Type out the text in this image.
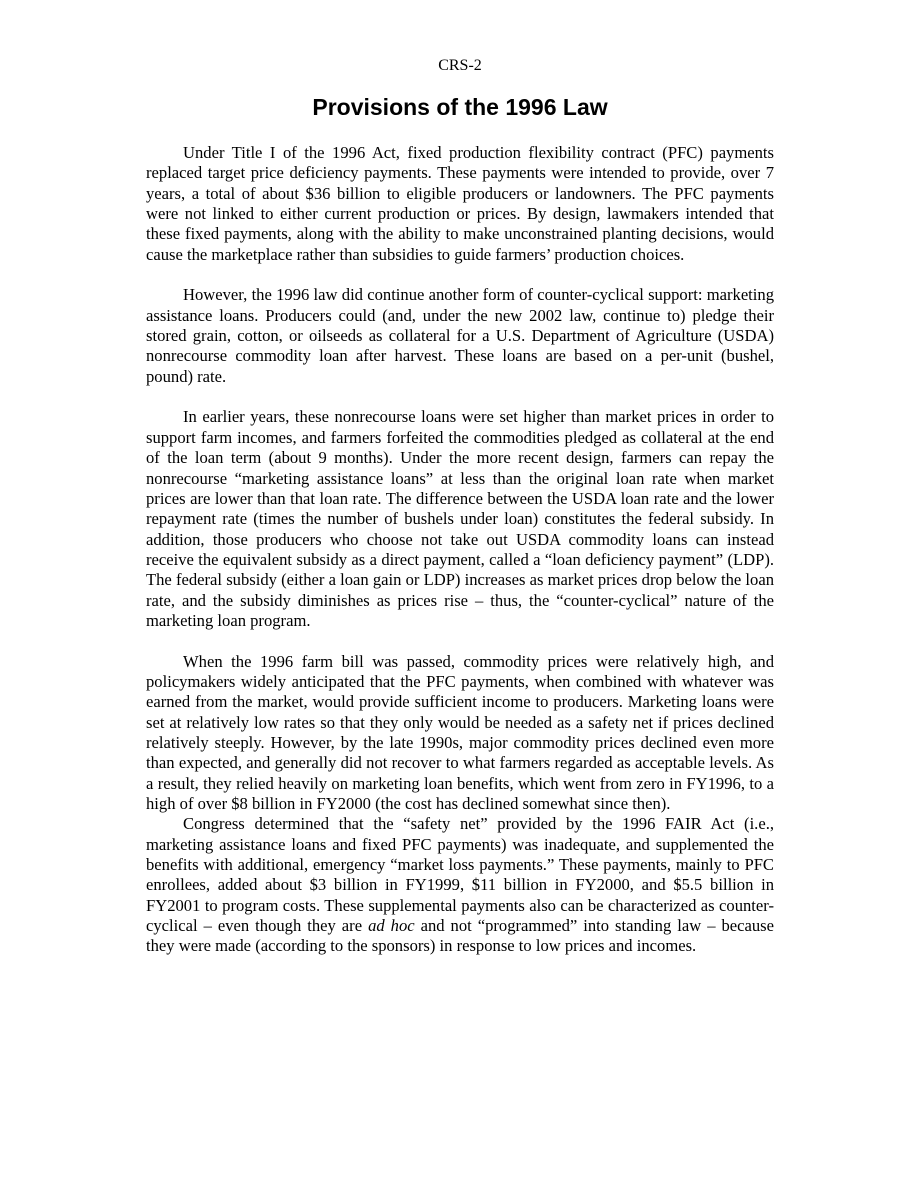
CRS-2
Provisions of the 1996 Law

Under Title I of the 1996 Act, fixed production flexibility contract (PFC) payments replaced target price deficiency payments. These payments were intended to provide, over 7 years, a total of about $36 billion to eligible producers or landowners. The PFC payments were not linked to either current production or prices. By design, lawmakers intended that these fixed payments, along with the ability to make unconstrained planting decisions, would cause the marketplace rather than subsidies to guide farmers’ production choices.

However, the 1996 law did continue another form of counter-cyclical support: marketing assistance loans. Producers could (and, under the new 2002 law, continue to) pledge their stored grain, cotton, or oilseeds as collateral for a U.S. Department of Agriculture (USDA) nonrecourse commodity loan after harvest. These loans are based on a per-unit (bushel, pound) rate.

In earlier years, these nonrecourse loans were set higher than market prices in order to support farm incomes, and farmers forfeited the commodities pledged as collateral at the end of the loan term (about 9 months). Under the more recent design, farmers can repay the nonrecourse “marketing assistance loans” at less than the original loan rate when market prices are lower than that loan rate. The difference between the USDA loan rate and the lower repayment rate (times the number of bushels under loan) constitutes the federal subsidy. In addition, those producers who choose not take out USDA commodity loans can instead receive the equivalent subsidy as a direct payment, called a “loan deficiency payment” (LDP). The federal subsidy (either a loan gain or LDP) increases as market prices drop below the loan rate, and the subsidy diminishes as prices rise – thus, the “counter-cyclical” nature of the marketing loan program.

When the 1996 farm bill was passed, commodity prices were relatively high, and policymakers widely anticipated that the PFC payments, when combined with whatever was earned from the market, would provide sufficient income to producers. Marketing loans were set at relatively low rates so that they only would be needed as a safety net if prices declined relatively steeply. However, by the late 1990s, major commodity prices declined even more than expected, and generally did not recover to what farmers regarded as acceptable levels. As a result, they relied heavily on marketing loan benefits, which went from zero in FY1996, to a high of over $8 billion in FY2000 (the cost has declined somewhat since then).

Congress determined that the “safety net” provided by the 1996 FAIR Act (i.e., marketing assistance loans and fixed PFC payments) was inadequate, and supplemented the benefits with additional, emergency “market loss payments.” These payments, mainly to PFC enrollees, added about $3 billion in FY1999, $11 billion in FY2000, and $5.5 billion in FY2001 to program costs. These supplemental payments also can be characterized as counter-cyclical – even though they are ad hoc and not “programmed” into standing law – because they were made (according to the sponsors) in response to low prices and incomes.
